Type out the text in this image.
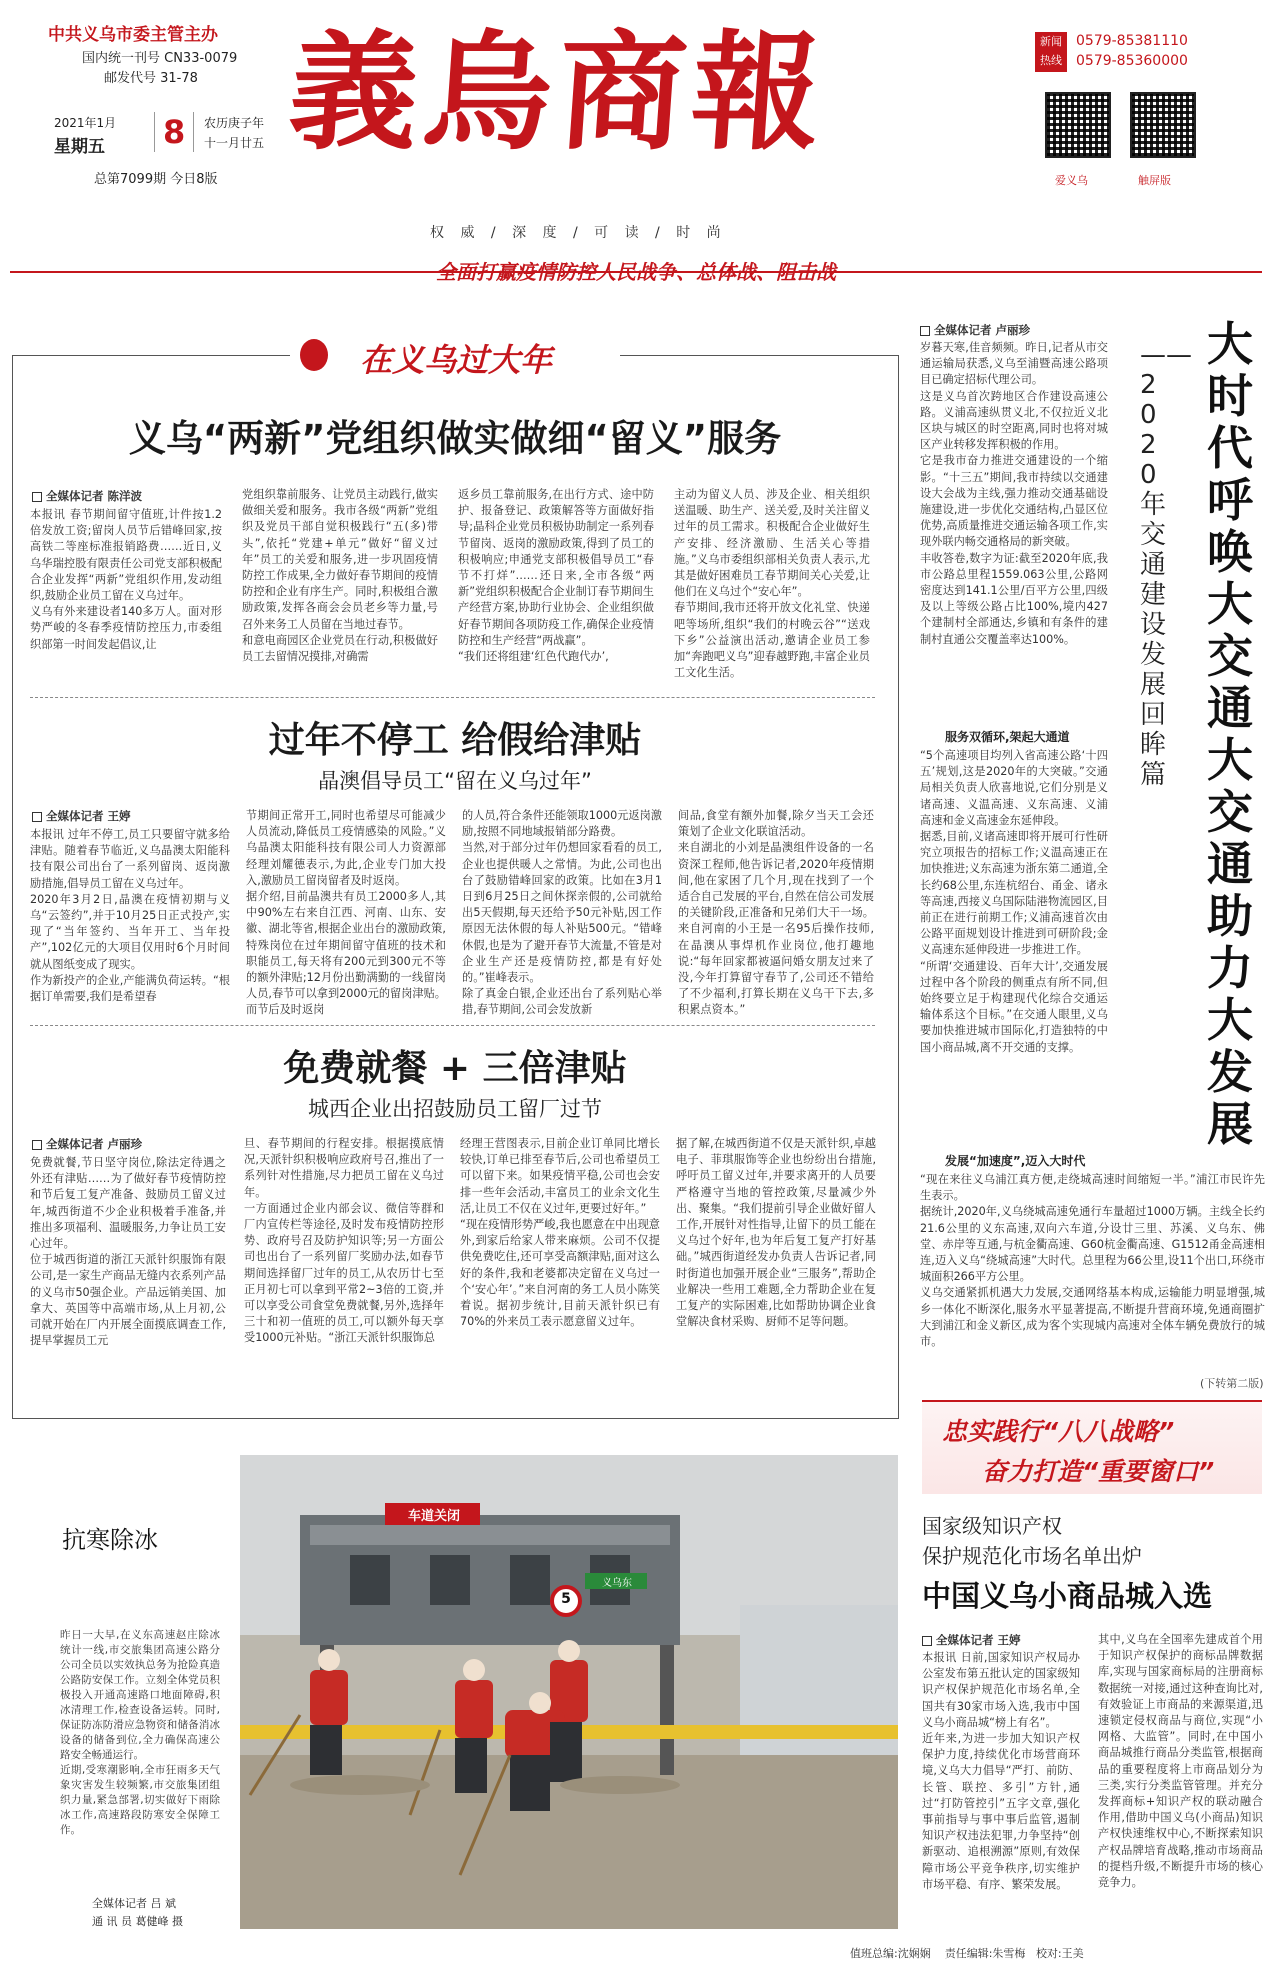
中共义乌市委主管主办
国内统一刊号 CN33-0079
邮发代号 31-78
2021年1月
星期五 8	农历庚子年
十一月廿五
总第7099期 今日8版
義烏商報
权 威 / 深 度 / 可 读 / 时 尚
新闻
热线
0579-85381110
0579-85360000
爱义乌	触屏版
全面打赢疫情防控人民战争、总体战、阻击战
在义乌过大年
义乌“两新”党组织做实做细“留义”服务
全媒体记者 陈洋波
本报讯 春节期间留守值班,计件按1.2倍发放工资;留岗人员节后错峰回家,按高铁二等座标准报销路费……近日,义乌华瑞控股有限责任公司党支部积极配合企业发挥“两新”党组织作用,发动组织,鼓励企业员工留在义乌过年。
义乌有外来建设者140多万人。面对形势严峻的冬春季疫情防控压力,市委组织部第一时间发起倡议,让
党组织靠前服务、让党员主动践行,做实做细关爱和服务。我市各级“两新”党组织及党员干部自觉积极践行“五(多)带头”,依托“党建+单元”做好“留义过年”员工的关爱和服务,进一步巩固疫情防控工作成果,全力做好春节期间的疫情防控和企业有序生产。同时,积极组合激励政策,发挥各商会会员老乡等力量,号召外来务工人员留在当地过春节。
和意电商园区企业党员在行动,积极做好员工去留情况摸排,对确需
返乡员工靠前服务,在出行方式、途中防护、报备登记、政策解答等方面做好指导;晶科企业党员积极协助制定一系列春节留岗、返岗的激励政策,得到了员工的积极响应;申通党支部积极倡导员工“春节不打烊”……还日来,全市各级“两新”党组织积极配合企业制订春节期间生产经营方案,协助行业协会、企业组织做好春节期间各项防疫工作,确保企业疫情防控和生产经营“两战赢”。
“我们还将组建‘红色代跑代办’,
主动为留义人员、涉及企业、相关组织送温暖、助生产、送关爱,及时关注留义过年的员工需求。积极配合企业做好生产安排、经济激励、生活关心等措施。”义乌市委组织部相关负责人表示,尤其是做好困难员工春节期间关心关爱,让他们在义乌过个“安心年”。
春节期间,我市还将开放文化礼堂、快递吧等场所,组织“我们的村晚云谷”“送戏下乡”公益演出活动,邀请企业员工参加“奔跑吧义乌”迎春越野跑,丰富企业员工文化生活。
过年不停工 给假给津贴
晶澳倡导员工“留在义乌过年”
全媒体记者 王婷
本报讯 过年不停工,员工只要留守就多给津贴。随着春节临近,义乌晶澳太阳能科技有限公司出台了一系列留岗、返岗激励措施,倡导员工留在义乌过年。
2020年3月2日,晶澳在疫情初期与义乌“云签约”,并于10月25日正式投产,实现了“当年签约、当年开工、当年投产”,102亿元的大项目仅用时6个月时间就从图纸变成了现实。
作为新投产的企业,产能满负荷运转。“根据订单需要,我们是希望春
节期间正常开工,同时也希望尽可能减少人员流动,降低员工疫情感染的风险。”义乌晶澳太阳能科技有限公司人力资源部经理刘耀德表示,为此,企业专门加大投入,激励员工留岗留者及时返岗。
据介绍,目前晶澳共有员工2000多人,其中90%左右来自江西、河南、山东、安徽、湖北等省,根据企业出台的激励政策,特殊岗位在过年期间留守值班的技术和职能员工,每天将有200元到300元不等的额外津贴;12月份出勤满勤的一线留岗人员,春节可以拿到2000元的留岗津贴。而节后及时返岗
的人员,符合条件还能领取1000元返岗激励,按照不同地域报销部分路费。
当然,对于部分过年仍想回家看看的员工,企业也提供暖人之常情。为此,公司也出台了鼓励错峰回家的政策。比如在3月1日到6月25日之间休探亲假的,公司就给出5天假期,每天还给予50元补贴,因工作原因无法休假的每人补贴500元。“错峰休假,也是为了避开春节大流量,不管是对企业生产还是疫情防控,都是有好处的。”崔峰表示。
除了真金白银,企业还出台了系列贴心举措,春节期间,公司会发放新
间品,食堂有额外加餐,除夕当天工会还策划了企业文化联谊活动。
来自湖北的小刘是晶澳组件设备的一名资深工程师,他告诉记者,2020年疫情期间,他在家困了几个月,现在找到了一个适合自己发展的平台,自然在信公司发展的关键阶段,正准备和兄弟们大干一场。来自河南的小王是一名95后操作技师,在晶澳从事焊机作业岗位,他打趣地说:“每年回家都被逼问婚女朋友过来了没,今年打算留守春节了,公司还不错给了不少福利,打算长期在义乌干下去,多积累点资本。”
免费就餐 + 三倍津贴
城西企业出招鼓励员工留厂过节
全媒体记者 卢丽珍
免费就餐,节日坚守岗位,除法定待遇之外还有津贴……为了做好春节疫情防控和节后复工复产准备、鼓励员工留义过年,城西街道不少企业积极着手准备,并推出多项福利、温暖服务,力争让员工安心过年。
位于城西街道的浙江天派针织服饰有限公司,是一家生产商品无缝内衣系列产品的义乌市50强企业。产品远销美国、加拿大、英国等中高端市场,从上月初,公司就开始在厂内开展全面摸底调查工作,提早掌握员工元
旦、春节期间的行程安排。根据摸底情况,天派针织积极响应政府号召,推出了一系列针对性措施,尽力把员工留在义乌过年。
一方面通过企业内部会议、微信等群和厂内宣传栏等途径,及时发布疫情防控形势、政府号召及防护知识等;另一方面公司也出台了一系列留厂奖励办法,如春节期间选择留厂过年的员工,从农历廿七至正月初七可以拿到平常2~3倍的工资,并可以享受公司食堂免费就餐,另外,选择年三十和初一值班的员工,可以额外每天享受1000元补贴。“浙江天派针织服饰总
经理王营图表示,目前企业订单同比增长较快,订单已排至春节后,公司也希望员工可以留下来。如果疫情平稳,公司也会安排一些年会活动,丰富员工的业余文化生活,让员工不仅在义过年,更要过好年。”
“现在疫情形势严峻,我也愿意在中出现意外,到家后给家人带来麻烦。公司不仅提供免费吃住,还可享受高额津贴,面对这么好的条件,我和老婆都决定留在义乌过一个‘安心年’。”来自河南的务工人员小陈笑着说。据初步统计,目前天派针织已有70%的外来员工表示愿意留义过年。
据了解,在城西街道不仅是天派针织,卓越电子、菲琪服饰等企业也纷纷出台措施,呼吁员工留义过年,并要求离开的人员要严格遵守当地的管控政策,尽量减少外出、聚集。“我们提前引导企业做好留人工作,开展针对性指导,让留下的员工能在义乌过个好年,也为年后复工复产打好基础。”城西街道经发办负责人告诉记者,同时街道也加强开展企业“三服务”,帮助企业解决一些用工难题,全力帮助企业在复工复产的实际困难,比如帮助协调企业食堂解决食材采购、厨师不足等问题。
全媒体记者 卢丽珍
岁暮天寒,佳音频频。昨日,记者从市交通运输局获悉,义乌至浦暨高速公路项目已确定招标代理公司。
这是义乌首次跨地区合作建设高速公路。义浦高速纵贯义北,不仅拉近义北区块与城区的时空距离,同时也将对城区产业转移发挥积极的作用。
它是我市奋力推进交通建设的一个缩影。“十三五”期间,我市持续以交通建设大会战为主线,强力推动交通基础设施建设,进一步优化交通结构,凸显区位优势,高质量推进交通运输各项工作,实现外联内畅交通格局的新突破。
丰收答卷,数字为证:截至2020年底,我市公路总里程1559.063公里,公路网密度达到141.1公里/百平方公里,四级及以上等级公路占比100%,境内427个建制村全部通达,乡镇和有条件的建制村直通公交覆盖率达100%。
服务双循环,架起大通道
“5个高速项目均列入省高速公路‘十四五’规划,这是2020年的大突破。”交通局相关负责人欣喜地说,它们分别是义诸高速、义温高速、义东高速、义浦高速和金义高速金东延伸段。
据悉,目前,义诸高速即将开展可行性研究立项报告的招标工作;义温高速正在加快推进;义东高速为浙东第二通道,全长约68公里,东连杭绍台、甬金、诸永等高速,西接义乌国际陆港物流园区,目前正在进行前期工作;义浦高速首次由公路平面规划设计推进到可研阶段;金义高速东延伸段进一步推进工作。
“所谓‘交通建设、百年大计’,交通发展过程中各个阶段的侧重点有所不同,但始终要立足于构建现代化综合交通运输体系这个目标。”在交通人眼里,义乌要加快推进城市国际化,打造独特的中国小商品城,离不开交通的支撑。
发展“加速度”,迈入大时代
“现在来往义乌浦江真方便,走绕城高速时间缩短一半。”浦江市民许先生表示。
据统计,2020年,义乌绕城高速免通行车量超过1000万辆。主线全长约21.6公里的义东高速,双向六车道,分设廿三里、苏溪、义乌东、佛堂、赤岸等互通,与杭金衢高速、G60杭金衢高速、G1512甬金高速相连,迈入义乌“绕城高速”大时代。总里程为66公里,设11个出口,环绕市城面积266平方公里。
义乌交通紧抓机遇大力发展,交通网络基本构成,运输能力明显增强,城乡一体化不断深化,服务水平显著提高,不断提升营商环境,免通商圈扩大到浦江和金义新区,成为客个实现城内高速对全体车辆免费放行的城市。
(下转第二版)
大时代呼唤大交通 大交通助力大发展
——2020年交通建设发展回眸篇
忠实践行“八八战略”
奋力打造“重要窗口”
国家级知识产权
保护规范化市场名单出炉
中国义乌小商品城入选
全媒体记者 王婷
本报讯 日前,国家知识产权局办公室发布第五批认定的国家级知识产权保护规范化市场名单,全国共有30家市场入选,我市中国义乌小商品城“榜上有名”。
近年来,为进一步加大知识产权保护力度,持续优化市场营商环境,义乌大力倡导“严打、前防、长管、联控、多引”方针,通过“打防管控引”五字文章,强化事前指导与事中事后监管,遏制知识产权违法犯罪,力争坚持“创新驱动、追根溯源”原则,有效保障市场公平竞争秩序,切实维护市场平稳、有序、繁荣发展。
其中,义乌在全国率先建成首个用于知识产权保护的商标品牌数据库,实现与国家商标局的注册商标数据统一对接,通过这种查询比对,有效验证上市商品的来源渠道,迅速锁定侵权商品与商位,实现“小网格、大监管”。同时,在中国小商品城推行商品分类监管,根据商品的重要程度将上市商品划分为三类,实行分类监管管理。并充分发挥商标+知识产权的联动融合作用,借助中国义乌(小商品)知识产权快速维权中心,不断探索知识产权品牌培育战略,推动市场商品的提档升级,不断提升市场的核心竞争力。
抗寒除冰
昨日一大早,在义东高速赵庄除冰统计一线,市交旅集团高速公路分公司全员以实效执总务为抢险真造公路防安保工作。立刻全体党员积极投入开通高速路口地面障碍,积冰清理工作,检查设备运转。同时,保证防冻防滑应急物资和储备消冰设备的储备到位,全力确保高速公路安全畅通运行。
近期,受寒潮影响,全市狂雨多天气象灾害发生较频繁,市交旅集团组织力量,紧急部署,切实做好下雨除冰工作,高速路段防寒安全保障工作。
全媒体记者 吕 斌
通 讯 员 葛健峰 摄
车道关闭
义乌东
5
值班总编:沈娴娴 责任编辑:朱雪梅 校对:王美
